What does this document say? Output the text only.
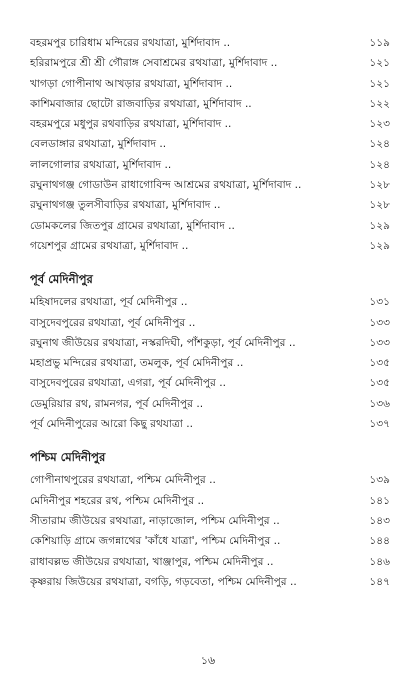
বহরমপুর চারিধাম মন্দিরের রথযাত্রা, মুর্শিদাবাদ ..	১১৯
হরিরামপুরে শ্রী শ্রী গৌরাঙ্গ সেবাশ্রমের রথযাত্রা, মুর্শিদাবাদ ..	১২১
খাগড়া গোপীনাথ আখড়ার রথযাত্রা, মুর্শিদাবাদ ..	১২১
কাশিমবাজার ছোটো রাজবাড়ির রথযাত্রা, মুর্শিদাবাদ ..	১২২
বহরমপুরে মধুপুর রথবাড়ির রথযাত্রা, মুর্শিদাবাদ ..	১২৩
বেলডাঙ্গার রথযাত্রা, মুর্শিদাবাদ ..	১২৪
লালগোলার রথযাত্রা, মুর্শিদাবাদ ..	১২৪
রঘুনাথগঞ্জ গোডাউন রাধাগোবিন্দ আশ্রমের রথযাত্রা, মুর্শিদাবাদ ..	১২৮
রঘুনাথগঞ্জ তুলসীবাড়ির রথযাত্রা, মুর্শিদাবাদ ..	১২৮
ডোমকলের জিতপুর গ্রামের রথযাত্রা, মুর্শিদাবাদ ..	১২৯
গয়েশপুর গ্রামের রথযাত্রা, মুর্শিদাবাদ ..	১২৯
পূর্ব মেদিনীপুর
মহিষাদলের রথযাত্রা, পূর্ব মেদিনীপুর ..	১৩১
বাসুদেবপুরের রথযাত্রা, পূর্ব মেদিনীপুর ..	১৩৩
রঘুনাথ জীউয়ের রথযাত্রা, নস্করদিঘী, পাঁশকুড়া, পূর্ব মেদিনীপুর ..	১৩৩
মহাপ্রভু মন্দিরের রথযাত্রা, তমলুক, পূর্ব মেদিনীপুর ..	১৩৫
বাসুদেবপুরের রথযাত্রা, এগরা, পূর্ব মেদিনীপুর ..	১৩৫
ডেমুরিয়ার রথ, রামনগর, পূর্ব মেদিনীপুর ..	১৩৬
পূর্ব মেদিনীপুরের আরো কিছু রথযাত্রা ..	১৩৭
পশ্চিম মেদিনীপুর
গোপীনাথপুরের রথযাত্রা, পশ্চিম মেদিনীপুর ..	১৩৯
মেদিনীপুর শহরের রথ, পশ্চিম মেদিনীপুর ..	১৪১
সীতারাম জীউয়ের রথযাত্রা, নাড়াজোল, পশ্চিম মেদিনীপুর ..	১৪৩
কেশিয়াড়ি গ্রামে জগন্নাথের 'কাঁধে যাত্রা', পশ্চিম মেদিনীপুর ..	১৪৪
রাধাবল্লভ জীউয়ের রথযাত্রা, খাঞ্জাপুর, পশ্চিম মেদিনীপুর ..	১৪৬
কৃষ্ণরায় জিউয়ের রথযাত্রা, বগড়ি, গড়বেতা, পশ্চিম মেদিনীপুর ..	১৪৭
১৬
